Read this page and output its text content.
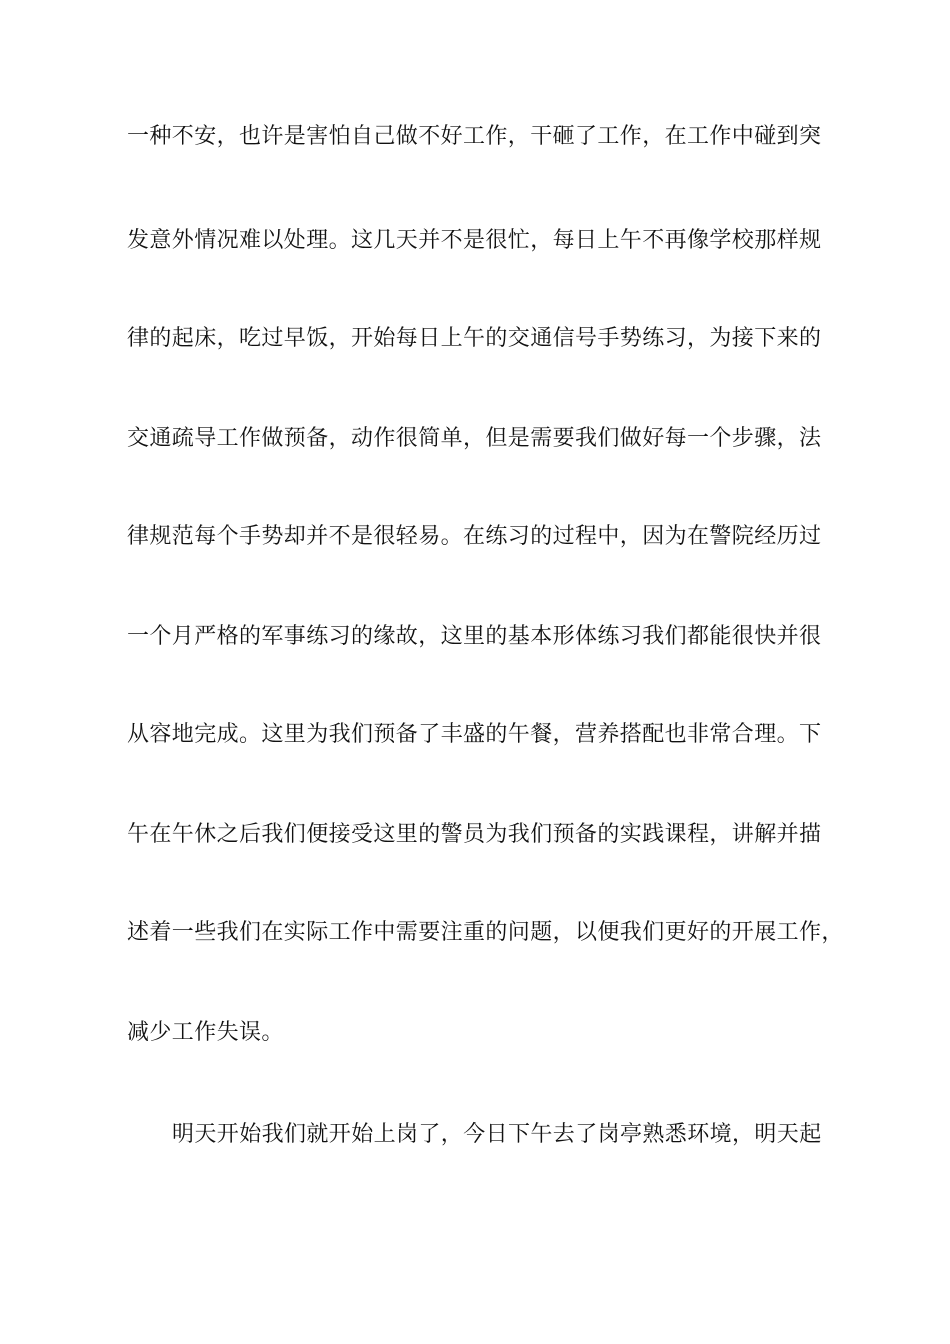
一种不安，也许是害怕自己做不好工作，干砸了工作，在工作中碰到突
发意外情况难以处理。这几天并不是很忙，每日上午不再像学校那样规
律的起床，吃过早饭，开始每日上午的交通信号手势练习，为接下来的
交通疏导工作做预备，动作很简单，但是需要我们做好每一个步骤，法
律规范每个手势却并不是很轻易。在练习的过程中，因为在警院经历过
一个月严格的军事练习的缘故，这里的基本形体练习我们都能很快并很
从容地完成。这里为我们预备了丰盛的午餐，营养搭配也非常合理。下
午在午休之后我们便接受这里的警员为我们预备的实践课程，讲解并描
述着一些我们在实际工作中需要注重的问题，以便我们更好的开展工作，
减少工作失误。
明天开始我们就开始上岗了，今日下午去了岗亭熟悉环境，明天起
